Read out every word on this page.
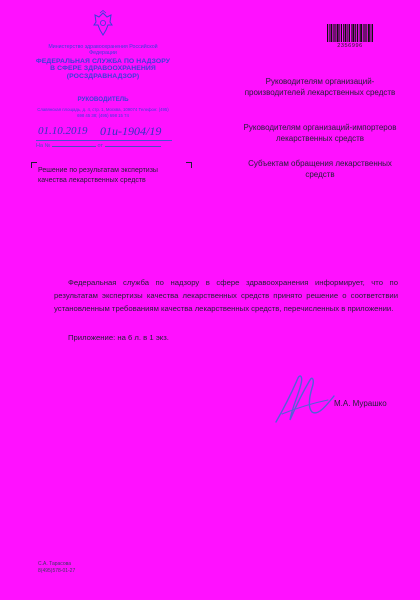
Министерство здравоохранения Российской Федерации
ФЕДЕРАЛЬНАЯ СЛУЖБА ПО НАДЗОРУ В СФЕРЕ ЗДРАВООХРАНЕНИЯ (РОСЗДРАВНАДЗОР)
РУКОВОДИТЕЛЬ
Славянская площадь, д. 4, стр. 1, Москва, 109074 Телефон: (495) 698 45 38; (495) 698 15 74
01.10.2019 01и-1904/19
На №	от
Решение по результатам экспертизы качества лекарственных средств
2356996
Руководителям организаций-производителей лекарственных средств
Руководителям организаций-импортеров лекарственных средств
Субъектам обращения лекарственных средств
Федеральная служба по надзору в сфере здравоохранения информирует, что по результатам экспертизы качества лекарственных средств принято решение о соответствии установленным требованиям качества лекарственных средств, перечисленных в приложении.
Приложение: на 6 л. в 1 экз.
М.А. Мурашко
С.А. Тарасова
8(495)578-01-27
